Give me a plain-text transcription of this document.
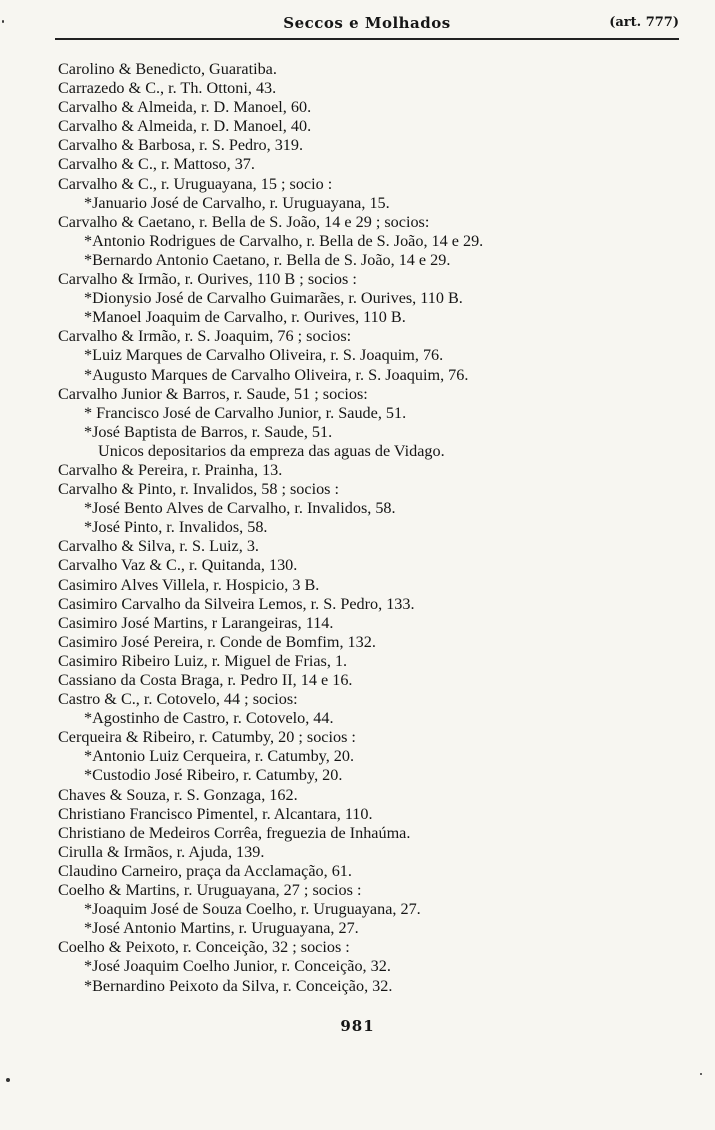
Seccos e Molhados	(art. 777)
Carolino & Benedicto, Guaratiba.
Carrazedo & C., r. Th. Ottoni, 43.
Carvalho & Almeida, r. D. Manoel, 60.
Carvalho & Almeida, r. D. Manoel, 40.
Carvalho & Barbosa, r. S. Pedro, 319.
Carvalho & C., r. Mattoso, 37.
Carvalho & C., r. Uruguayana, 15 ; socio :
*Januario José de Carvalho, r. Uruguayana, 15.
Carvalho & Caetano, r. Bella de S. João, 14 e 29 ; socios:
*Antonio Rodrigues de Carvalho, r. Bella de S. João, 14 e 29.
*Bernardo Antonio Caetano, r. Bella de S. João, 14 e 29.
Carvalho & Irmão, r. Ourives, 110 B ; socios :
*Dionysio José de Carvalho Guimarães, r. Ourives, 110 B.
*Manoel Joaquim de Carvalho, r. Ourives, 110 B.
Carvalho & Irmão, r. S. Joaquim, 76 ; socios:
*Luiz Marques de Carvalho Oliveira, r. S. Joaquim, 76.
*Augusto Marques de Carvalho Oliveira, r. S. Joaquim, 76.
Carvalho Junior & Barros, r. Saude, 51 ; socios:
* Francisco José de Carvalho Junior, r. Saude, 51.
*José Baptista de Barros, r. Saude, 51.
Unicos depositarios da empreza das aguas de Vidago.
Carvalho & Pereira, r. Prainha, 13.
Carvalho & Pinto, r. Invalidos, 58 ; socios :
*José Bento Alves de Carvalho, r. Invalidos, 58.
*José Pinto, r. Invalidos, 58.
Carvalho & Silva, r. S. Luiz, 3.
Carvalho Vaz & C., r. Quitanda, 130.
Casimiro Alves Villela, r. Hospicio, 3 B.
Casimiro Carvalho da Silveira Lemos, r. S. Pedro, 133.
Casimiro José Martins, r Larangeiras, 114.
Casimiro José Pereira, r. Conde de Bomfim, 132.
Casimiro Ribeiro Luiz, r. Miguel de Frias, 1.
Cassiano da Costa Braga, r. Pedro II, 14 e 16.
Castro & C., r. Cotovelo, 44 ; socios:
*Agostinho de Castro, r. Cotovelo, 44.
Cerqueira & Ribeiro, r. Catumby, 20 ; socios :
*Antonio Luiz Cerqueira, r. Catumby, 20.
*Custodio José Ribeiro, r. Catumby, 20.
Chaves & Souza, r. S. Gonzaga, 162.
Christiano Francisco Pimentel, r. Alcantara, 110.
Christiano de Medeiros Corrêa, freguezia de Inhaúma.
Cirulla & Irmãos, r. Ajuda, 139.
Claudino Carneiro, praça da Acclamação, 61.
Coelho & Martins, r. Uruguayana, 27 ; socios :
*Joaquim José de Souza Coelho, r. Uruguayana, 27.
*José Antonio Martins, r. Uruguayana, 27.
Coelho & Peixoto, r. Conceição, 32 ; socios :
*José Joaquim Coelho Junior, r. Conceição, 32.
*Bernardino Peixoto da Silva, r. Conceição, 32.
981
